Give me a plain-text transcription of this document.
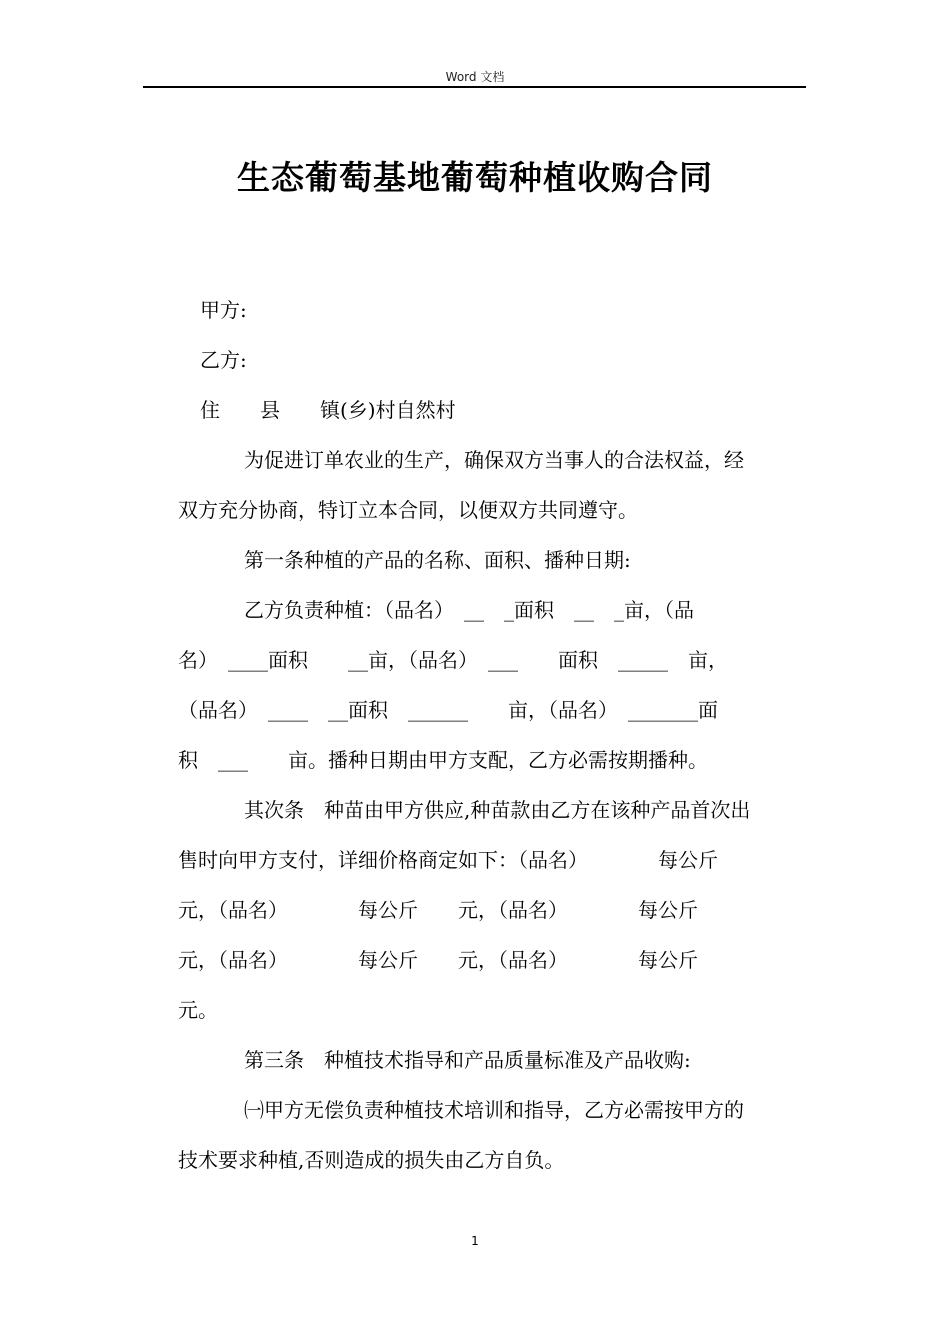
Word 文档
生态葡萄基地葡萄种植收购合同
甲方:
乙方:
住　　县　　镇(乡)村自然村
为促进订单农业的生产，确保双方当事人的合法权益，经
双方充分协商，特订立本合同，以便双方共同遵守。
第一条种植的产品的名称、面积、播种日期:
乙方负责种植：（品名）　__　_面积　__　_亩，（品
名）　____面积　　__亩，（品名）　___　　面积　_____　亩，
（品名）　____　__面积　______　　亩，（品名）　_______面
积　___　　亩。播种日期由甲方支配，乙方必需按期播种。
其次条　种苗由甲方供应,种苗款由乙方在该种产品首次出
售时向甲方支付，详细价格商定如下：（品名）　　　　每公斤
元，（品名）　　　　每公斤　　元，（品名）　　　　每公斤
元，（品名）　　　　每公斤　　元，（品名）　　　　每公斤
元。
第三条　种植技术指导和产品质量标准及产品收购:
㈠甲方无偿负责种植技术培训和指导，乙方必需按甲方的
技术要求种植,否则造成的损失由乙方自负。
1
